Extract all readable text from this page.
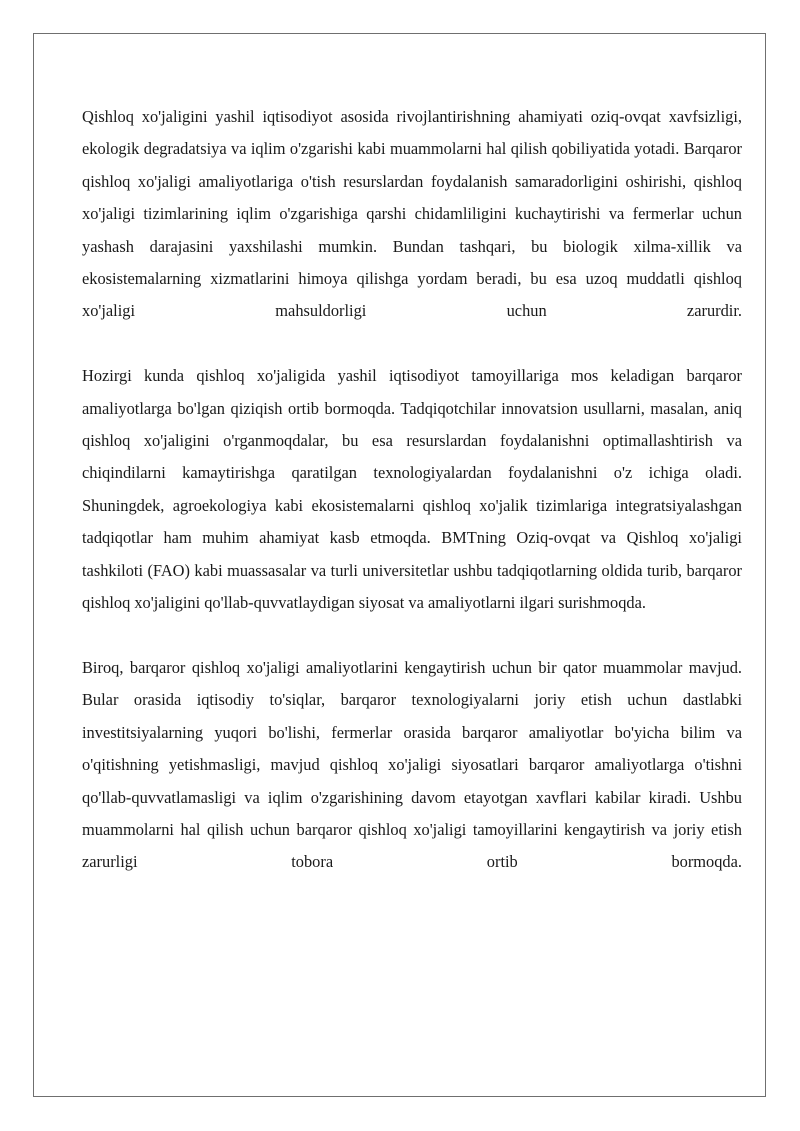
Qishloq xo'jaligini yashil iqtisodiyot asosida rivojlantirishning ahamiyati oziq-ovqat xavfsizligi, ekologik degradatsiya va iqlim o'zgarishi kabi muammolarni hal qilish qobiliyatida yotadi. Barqaror qishloq xo'jaligi amaliyotlariga o'tish resurslardan foydalanish samaradorligini oshirishi, qishloq xo'jaligi tizimlarining iqlim o'zgarishiga qarshi chidamliligini kuchaytirishi va fermerlar uchun yashash darajasini yaxshilashi mumkin. Bundan tashqari, bu biologik xilma-xillik va ekosistemalarning xizmatlarini himoya qilishga yordam beradi, bu esa uzoq muddatli qishloq xo'jaligi mahsuldorligi uchun zarurdir.

Hozirgi kunda qishloq xo'jaligida yashil iqtisodiyot tamoyillariga mos keladigan barqaror amaliyotlarga bo'lgan qiziqish ortib bormoqda. Tadqiqotchilar innovatsion usullarni, masalan, aniq qishloq xo'jaligini o'rganmoqdalar, bu esa resurslardan foydalanishni optimallashtirish va chiqindilarni kamaytirishga qaratilgan texnologiyalardan foydalanishni o'z ichiga oladi. Shuningdek, agroekologiya kabi ekosistemalarni qishloq xo'jalik tizimlariga integratsiyalashgan tadqiqotlar ham muhim ahamiyat kasb etmoqda. BMTning Oziq-ovqat va Qishloq xo'jaligi tashkiloti (FAO) kabi muassasalar va turli universitetlar ushbu tadqiqotlarning oldida turib, barqaror qishloq xo'jaligini qo'llab-quvvatlaydigan siyosat va amaliyotlarni ilgari surishmoqda.

Biroq, barqaror qishloq xo'jaligi amaliyotlarini kengaytirish uchun bir qator muammolar mavjud. Bular orasida iqtisodiy to'siqlar, barqaror texnologiyalarni joriy etish uchun dastlabki investitsiyalarning yuqori bo'lishi, fermerlar orasida barqaror amaliyotlar bo'yicha bilim va o'qitishning yetishmasligi, mavjud qishloq xo'jaligi siyosatlari barqaror amaliyotlarga o'tishni qo'llab-quvvatlamasligi va iqlim o'zgarishining davom etayotgan xavflari kabilar kiradi. Ushbu muammolarni hal qilish uchun barqaror qishloq xo'jaligi tamoyillarini kengaytirish va joriy etish zarurligi tobora ortib bormoqda.
